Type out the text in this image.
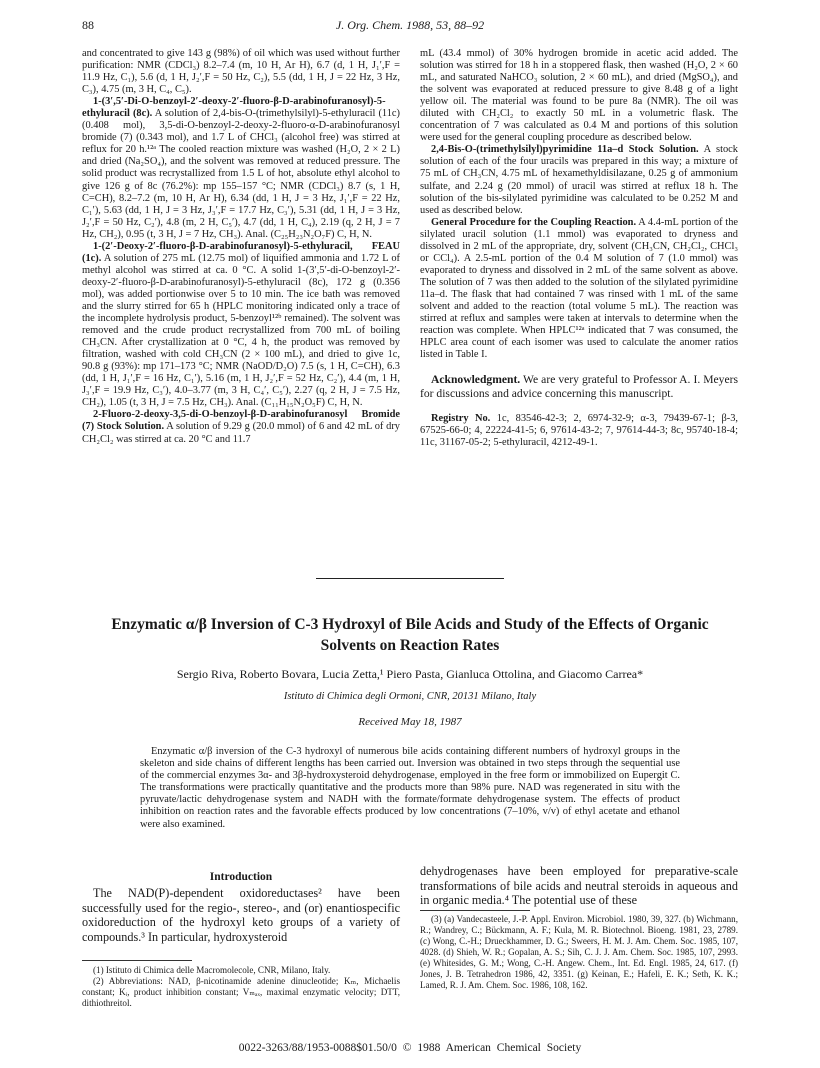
88	J. Org. Chem. 1988, 53, 88–92

and concentrated to give 143 g (98%) of oil which was used without further purification: NMR (CDCl₃) 8.2–7.4 (m, 10 H, Ar H), 6.7 (d, 1 H, J₁′,F = 11.9 Hz, C₁), 5.6 (d, 1 H, J₂′,F = 50 Hz, C₂), 5.5 (dd, 1 H, J = 22 Hz, 3 Hz, C₃), 4.75 (m, 3 H, C₄, C₅).

1-(3′,5′-Di-O-benzoyl-2′-deoxy-2′-fluoro-β-D-arabinofuranosyl)-5-ethyluracil (8c). A solution of 2,4-bis-O-(trimethylsilyl)-5-ethyluracil (11c) (0.408 mol), 3,5-di-O-benzoyl-2-deoxy-2-fluoro-α-D-arabinofuranosyl bromide (7) (0.343 mol), and 1.7 L of CHCl₃ (alcohol free) was stirred at reflux for 20 h.¹²ᵃ The cooled reaction mixture was washed (H₂O, 2 × 2 L) and dried (Na₂SO₄), and the solvent was removed at reduced pressure. The solid product was recrystallized from 1.5 L of hot, absolute ethyl alcohol to give 126 g of 8c (76.2%): mp 155–157 °C; NMR (CDCl₃) 8.7 (s, 1 H, C=CH), 8.2–7.2 (m, 10 H, Ar H), 6.34 (dd, 1 H, J = 3 Hz, J₁′,F = 22 Hz, C₁′), 5.63 (dd, 1 H, J = 3 Hz, J₃′,F = 17.7 Hz, C₃′), 5.31 (dd, 1 H, J = 3 Hz, J₂′,F = 50 Hz, C₂′), 4.8 (m, 2 H, C₅′), 4.7 (dd, 1 H, C₄), 2.19 (q, 2 H, J = 7 Hz, CH₂), 0.95 (t, 3 H, J = 7 Hz, CH₃). Anal. (C₂₅H₂₃N₂O₇F) C, H, N.

1-(2′-Deoxy-2′-fluoro-β-D-arabinofuranosyl)-5-ethyluracil, FEAU (1c). A solution of 275 mL (12.75 mol) of liquified ammonia and 1.72 L of methyl alcohol was stirred at ca. 0 °C. A solid 1-(3′,5′-di-O-benzoyl-2′-deoxy-2′-fluoro-β-D-arabinofuranosyl)-5-ethyluracil (8c), 172 g (0.356 mol), was added portionwise over 5 to 10 min. The ice bath was removed and the slurry stirred for 65 h (HPLC monitoring indicated only a trace of the incomplete hydrolysis product, 5-benzoyl¹²ᵇ remained). The solvent was removed and the crude product recrystallized from 700 mL of boiling CH₃CN. After crystallization at 0 °C, 4 h, the product was removed by filtration, washed with cold CH₃CN (2 × 100 mL), and dried to give 1c, 90.8 g (93%): mp 171–173 °C; NMR (NaOD/D₂O) 7.5 (s, 1 H, C=CH), 6.3 (dd, 1 H, J₁′,F = 16 Hz, C₁′), 5.16 (m, 1 H, J₂′,F = 52 Hz, C₂′), 4.4 (m, 1 H, J₃′,F = 19.9 Hz, C₃′), 4.0–3.77 (m, 3 H, C₄′, C₅′), 2.27 (q, 2 H, J = 7.5 Hz, CH₂), 1.05 (t, 3 H, J = 7.5 Hz, CH₃). Anal. (C₁₁H₁₅N₂O₅F) C, H, N.

2-Fluoro-2-deoxy-3,5-di-O-benzoyl-β-D-arabinofuranosyl Bromide (7) Stock Solution. A solution of 9.29 g (20.0 mmol) of 6 and 42 mL of dry CH₂Cl₂ was stirred at ca. 20 °C and 11.7

mL (43.4 mmol) of 30% hydrogen bromide in acetic acid added. The solution was stirred for 18 h in a stoppered flask, then washed (H₂O, 2 × 60 mL, and saturated NaHCO₃ solution, 2 × 60 mL), and dried (MgSO₄), and the solvent was evaporated at reduced pressure to give 8.48 g of a light yellow oil. The material was found to be pure 8a (NMR). The oil was diluted with CH₂Cl₂ to exactly 50 mL in a volumetric flask. The concentration of 7 was calculated as 0.4 M and portions of this solution were used for the general coupling procedure as described below.

2,4-Bis-O-(trimethylsilyl)pyrimidine 11a–d Stock Solution. A stock solution of each of the four uracils was prepared in this way; a mixture of 75 mL of CH₃CN, 4.75 mL of hexamethyldisilazane, 0.25 g of ammonium sulfate, and 2.24 g (20 mmol) of uracil was stirred at reflux 18 h. The solution of the bis-silylated pyrimidine was calculated to be 0.252 M and used as described below.

General Procedure for the Coupling Reaction. A 4.4-mL portion of the silylated uracil solution (1.1 mmol) was evaporated to dryness and dissolved in 2 mL of the appropriate, dry, solvent (CH₃CN, CH₂Cl₂, CHCl₃ or CCl₄). A 2.5-mL portion of the 0.4 M solution of 7 (1.0 mmol) was evaporated to dryness and dissolved in 2 mL of the same solvent as above. The solution of 7 was then added to the solution of the silylated pyrimidine 11a–d. The flask that had contained 7 was rinsed with 1 mL of the same solvent and added to the reaction (total volume 5 mL). The reaction was stirred at reflux and samples were taken at intervals to determine when the reaction was complete. When HPLC¹²ᵃ indicated that 7 was consumed, the HPLC area count of each isomer was used to calculate the anomer ratios listed in Table I.

Acknowledgment. We are very grateful to Professor A. I. Meyers for discussions and advice concerning this manuscript.

Registry No. 1c, 83546-42-3; 2, 6974-32-9; α-3, 79439-67-1; β-3, 67525-66-0; 4, 22224-41-5; 6, 97614-43-2; 7, 97614-44-3; 8c, 95740-18-4; 11c, 31167-05-2; 5-ethyluracil, 4212-49-1.

Enzymatic α/β Inversion of C-3 Hydroxyl of Bile Acids and Study of the Effects of Organic Solvents on Reaction Rates
Sergio Riva, Roberto Bovara, Lucia Zetta,¹ Piero Pasta, Gianluca Ottolina, and Giacomo Carrea*
Istituto di Chimica degli Ormoni, CNR, 20131 Milano, Italy
Received May 18, 1987
Enzymatic α/β inversion of the C-3 hydroxyl of numerous bile acids containing different numbers of hydroxyl groups in the skeleton and side chains of different lengths has been carried out. Inversion was obtained in two steps through the sequential use of the commercial enzymes 3α- and 3β-hydroxysteroid dehydrogenase, employed in the free form or immobilized on Eupergit C. The transformations were practically quantitative and the products more than 98% pure. NAD was regenerated in situ with the pyruvate/lactic dehydrogenase system and NADH with the formate/formate dehydrogenase system. The effects of product inhibition on reaction rates and the favorable effects produced by low concentrations (7–10%, v/v) of ethyl acetate and ethanol were also examined.
Introduction
The NAD(P)-dependent oxidoreductases² have been successfully used for the regio-, stereo-, and (or) enantiospecific oxidoreduction of the hydroxyl keto groups of a variety of compounds.³ In particular, hydroxysteroid
dehydrogenases have been employed for preparative-scale transformations of bile acids and neutral steroids in aqueous and in organic media.⁴ The potential use of these

(1) Istituto di Chimica delle Macromolecole, CNR, Milano, Italy.

(2) Abbreviations: NAD, β-nicotinamide adenine dinucleotide; Kₘ, Michaelis constant; Kᵢ, product inhibition constant; Vₘₐₓ, maximal enzymatic velocity; DTT, dithiothreitol.

(3) (a) Vandecasteele, J.-P. Appl. Environ. Microbiol. 1980, 39, 327. (b) Wichmann, R.; Wandrey, C.; Bückmann, A. F.; Kula, M. R. Biotechnol. Bioeng. 1981, 23, 2789. (c) Wong, C.-H.; Drueckhammer, D. G.; Sweers, H. M. J. Am. Chem. Soc. 1985, 107, 4028. (d) Shieh, W. R.; Gopalan, A. S.; Sih, C. J. J. Am. Chem. Soc. 1985, 107, 2993. (e) Whitesides, G. M.; Wong, C.-H. Angew. Chem., Int. Ed. Engl. 1985, 24, 617. (f) Jones, J. B. Tetrahedron 1986, 42, 3351. (g) Keinan, E.; Hafeli, E. K.; Seth, K. K.; Lamed, R. J. Am. Chem. Soc. 1986, 108, 162.

0022-3263/88/1953-0088$01.50/0 © 1988 American Chemical Society
